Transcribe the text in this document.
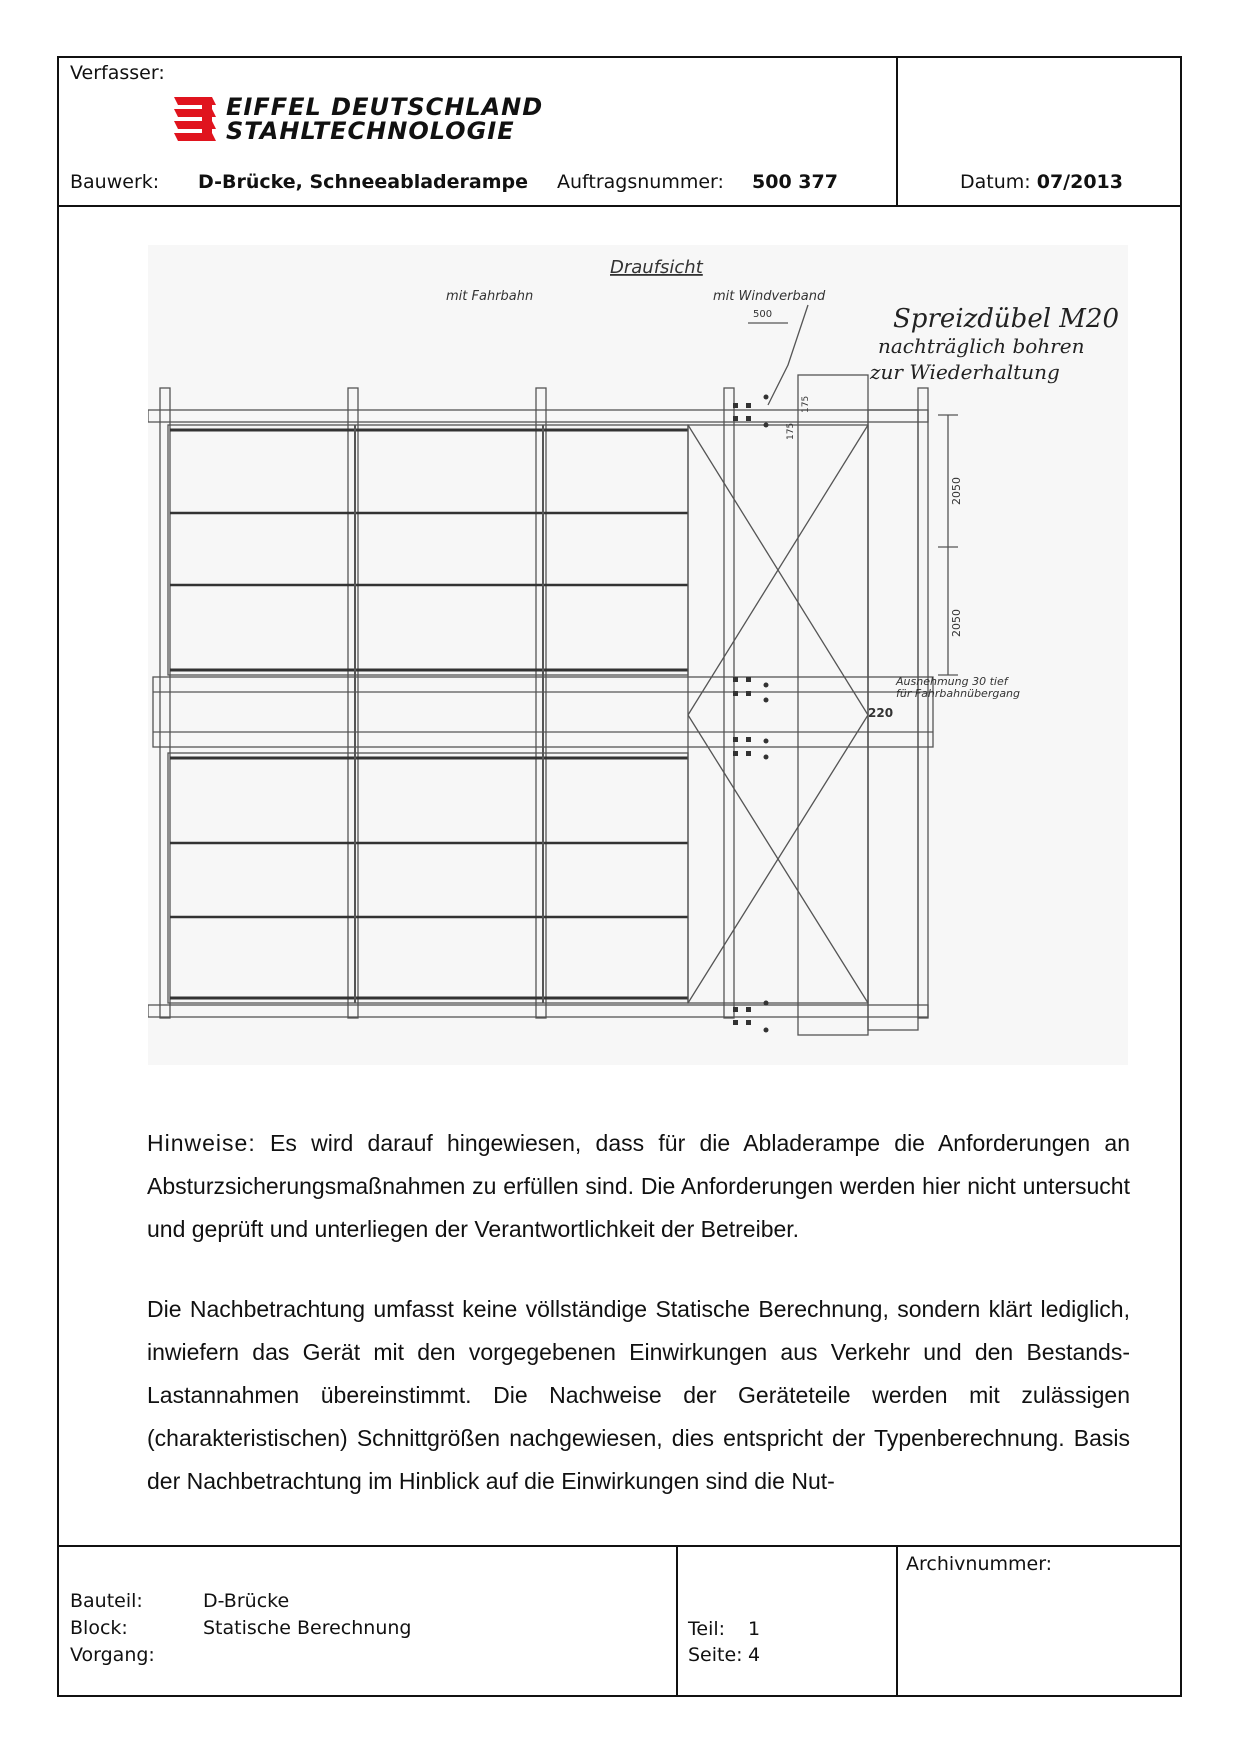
Verfasser:
EIFFEL DEUTSCHLAND
STAHLTECHNOLOGIE
Bauwerk: D-Brücke, Schneeabladerampe Auftragsnummer: 500 377	Datum: 07/2013
Draufsicht
mit Fahrbahn	mit Windverband
500
175
175
2050
2050
Ausnehmung 30 tief
für Fahrbahnübergang
220
Spreizdübel M20
nachträglich bohren
zur Wiederhaltung
Hinweise: Es wird darauf hingewiesen, dass für die Abladerampe die Anforderungen an Absturzsicherungsmaßnahmen zu erfüllen sind. Die Anforderungen werden hier nicht untersucht und geprüft und unterliegen der Verantwortlichkeit der Betreiber.
Die Nachbetrachtung umfasst keine völlständige Statische Berechnung, sondern klärt lediglich, inwiefern das Gerät mit den vorgegebenen Einwirkungen aus Verkehr und den Bestands-Lastannahmen übereinstimmt. Die Nachweise der Geräteteile werden mit zulässigen (charakteristischen) Schnittgrößen nachgewiesen, dies entspricht der Typenberechnung. Basis der Nachbetrachtung im Hinblick auf die Einwirkungen sind die Nut-
Bauteil:	D-Brücke
Block:	Statische Berechnung
Vorgang:
Teil: 1
Seite: 4
Archivnummer:
